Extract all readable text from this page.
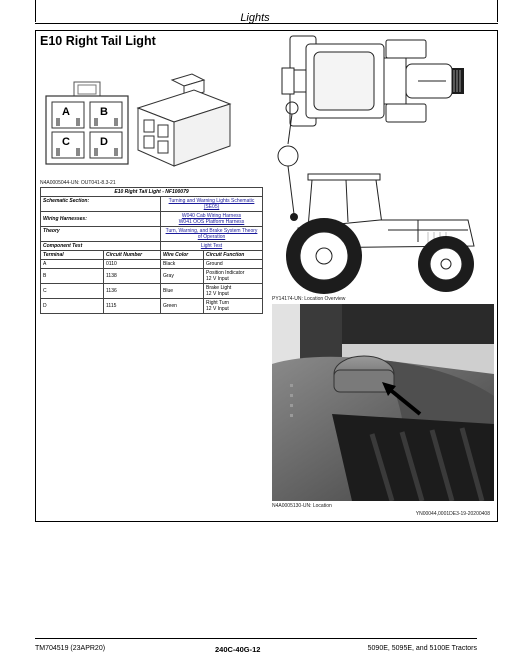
Lights
E10 Right Tail Light
A	B
C	D
N4A0005044-UN: OUT041-8.3-21
E10 Right Tail Light - NF100079			
Schematic Section:		Turning and Warning Lights Schematic (SE05)	
Wiring Harnesses:		W040 Cab Wiring Harness
W041 OOS Platform Harness	

Theory		Turn, Warning, and Brake System Theory of Operation	
Component Test		Light Test	
Terminal	Circuit Number	Wire Color	Circuit Function
A	0110	Black	Ground
B	1138	Gray	Position Indicator
12 V Input

C	1136	Blue	Brake Light
12 V Input

D	1115	Green	Right Turn
12 V Input
PY14174-UN: Location Overview
N4A0005130-UN: Location
YN00044,0001DE3-19-20200408
TM704519 (23APR20)	240C-40G-12	5090E, 5095E, and 5100E Tractors
